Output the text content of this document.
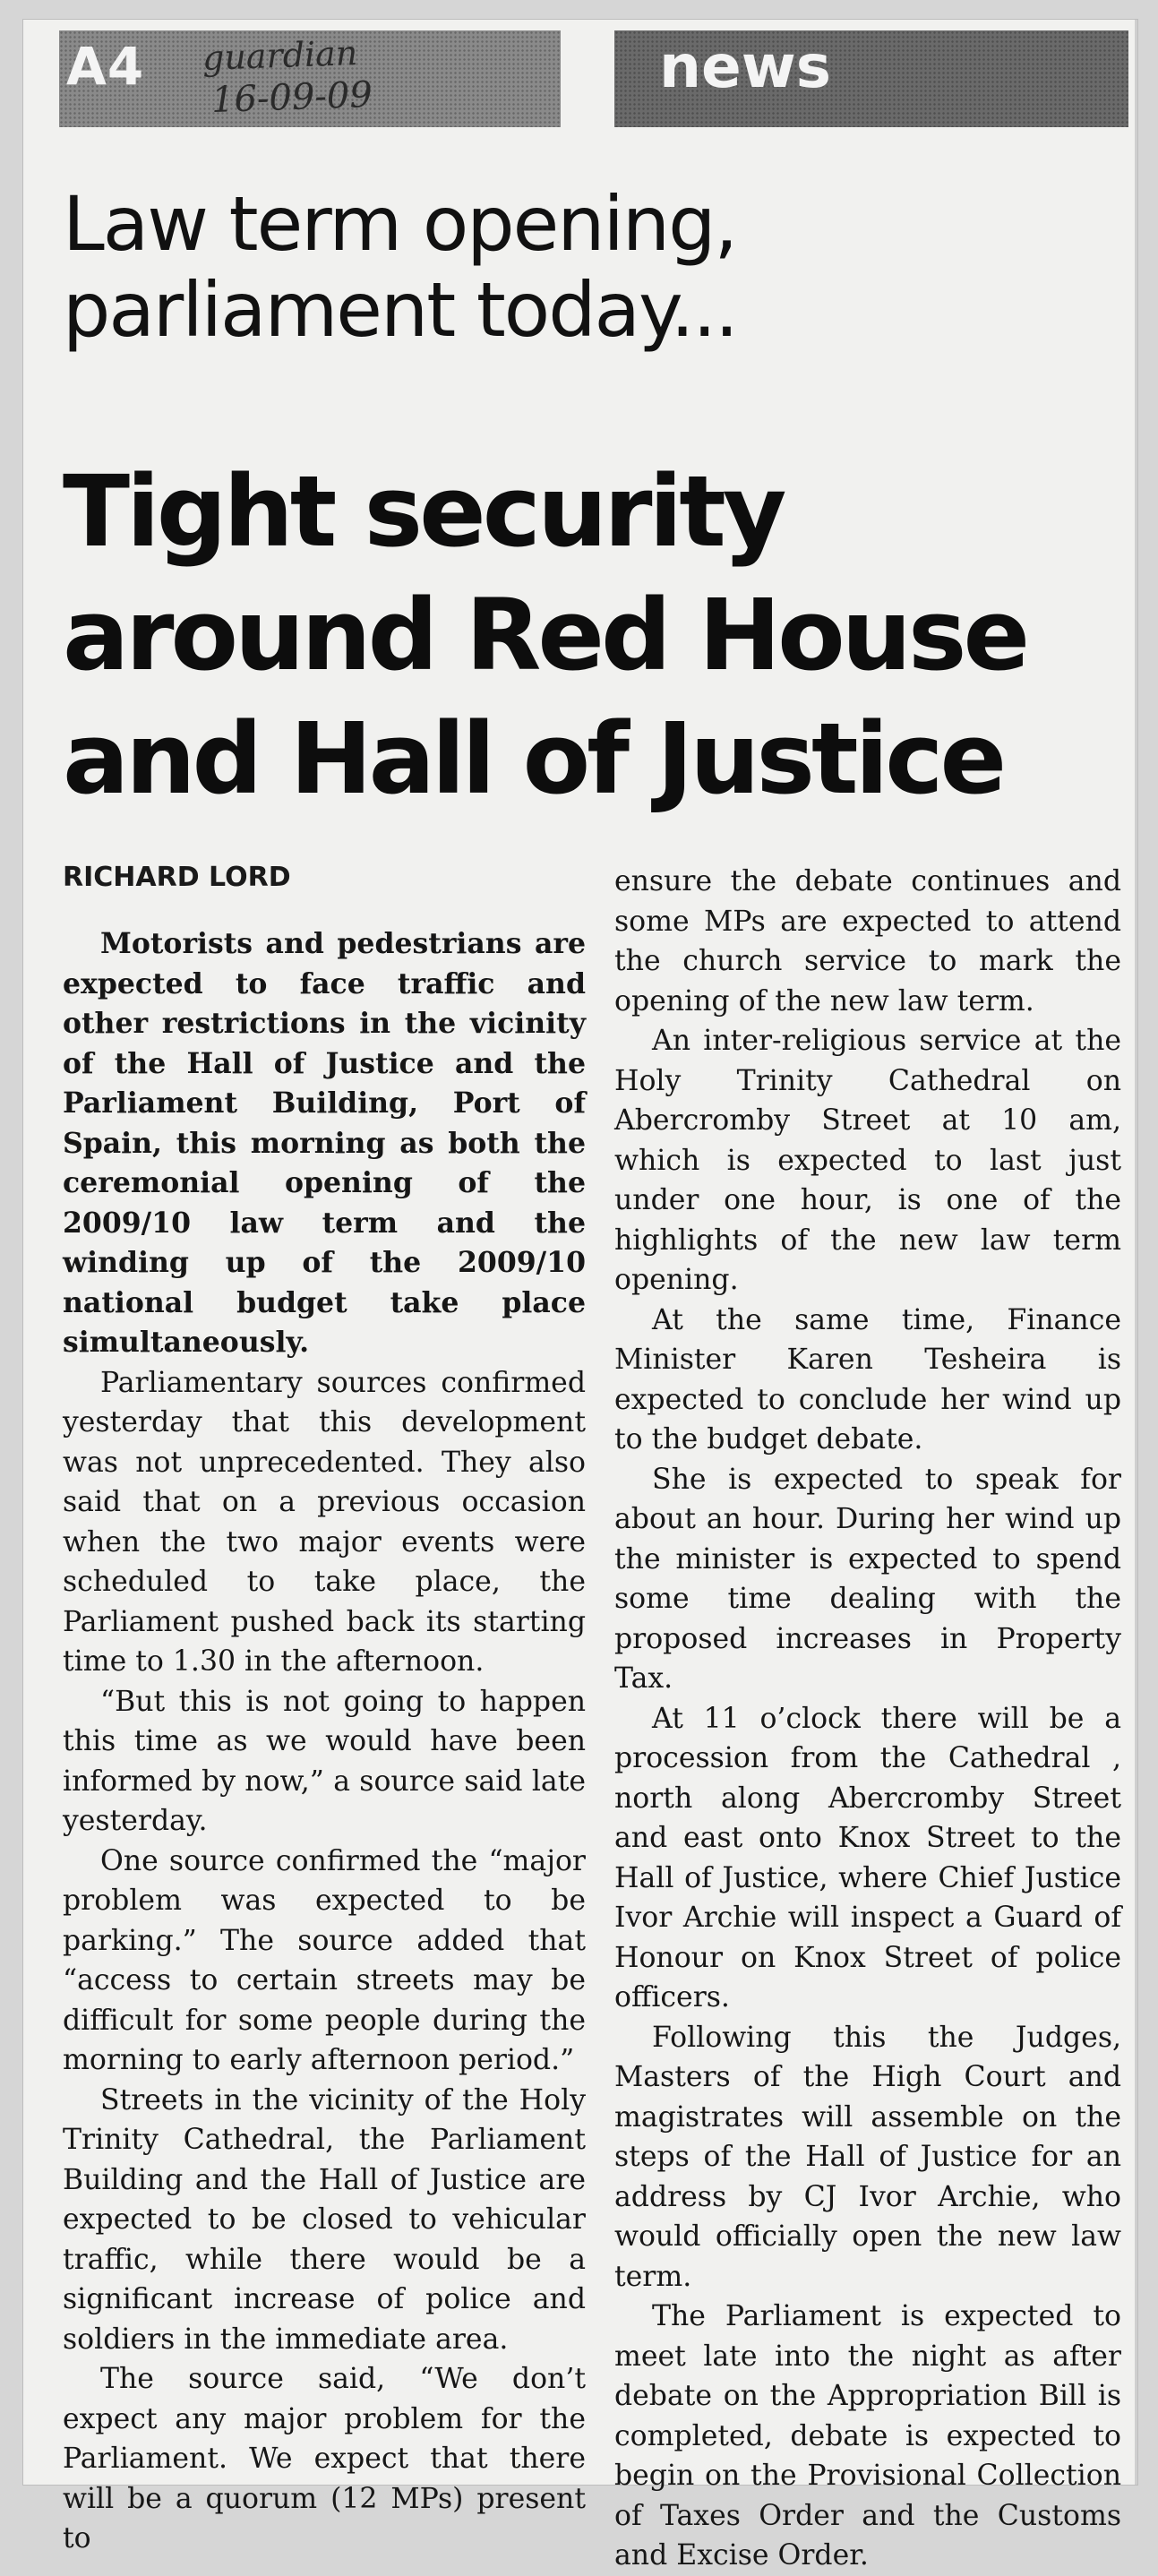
A4 guardian
16-09-09	news
Law term opening, parliament today...
Tight security around Red House and Hall of Justice
RICHARD LORD

Motorists and pedestrians are expected to face traffic and other restrictions in the vicinity of the Hall of Justice and the Parliament Building, Port of Spain, this morning as both the ceremonial opening of the 2009/10 law term and the winding up of the 2009/10 national budget take place simultaneously.

Parliamentary sources confirmed yesterday that this development was not unprecedented. They also said that on a previous occasion when the two major events were scheduled to take place, the Parliament pushed back its starting time to 1.30 in the afternoon.

“But this is not going to happen this time as we would have been informed by now,” a source said late yesterday.

One source confirmed the “major problem was expected to be parking.” The source added that “access to certain streets may be difficult for some people during the morning to early afternoon period.”

Streets in the vicinity of the Holy Trinity Cathedral, the Parliament Building and the Hall of Justice are expected to be closed to vehicular traffic, while there would be a significant increase of police and soldiers in the immediate area.

The source said, “We don’t expect any major problem for the Parliament. We expect that there will be a quorum (12 MPs) present to

ensure the debate continues and some MPs are expected to attend the church service to mark the opening of the new law term.

An inter-religious service at the Holy Trinity Cathedral on Abercromby Street at 10 am, which is expected to last just under one hour, is one of the highlights of the new law term opening.

At the same time, Finance Minister Karen Tesheira is expected to conclude her wind up to the budget debate.

She is expected to speak for about an hour. During her wind up the minister is expected to spend some time dealing with the proposed increases in Property Tax.

At 11 o’clock there will be a procession from the Cathedral , north along Abercromby Street and east onto Knox Street to the Hall of Justice, where Chief Justice Ivor Archie will inspect a Guard of Honour on Knox Street of police officers.

Following this the Judges, Masters of the High Court and magistrates will assemble on the steps of the Hall of Justice for an address by CJ Ivor Archie, who would officially open the new law term.

The Parliament is expected to meet late into the night as after debate on the Appropriation Bill is completed, debate is expected to begin on the Provisional Collection of Taxes Order and the Customs and Excise Order.
